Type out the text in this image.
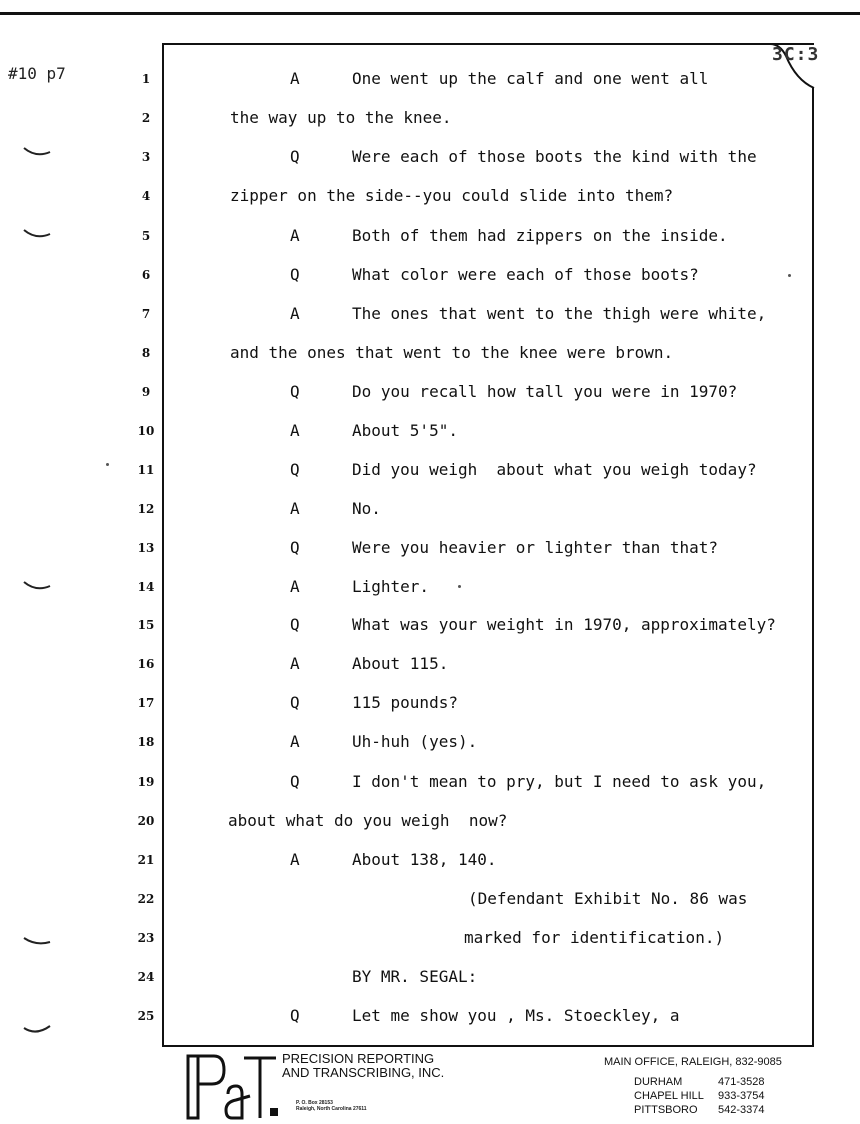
#10 p7
3C:3
1	A	One went up the calf and one went all
2	the way up to the knee.
3	Q	Were each of those boots the kind with the
4	zipper on the side--you could slide into them?
5	A	Both of them had zippers on the inside.
6	Q	What color were each of those boots?
7	A	The ones that went to the thigh were white,
8	and the ones that went to the knee were brown.
9	Q	Do you recall how tall you were in 1970?
10	A	About 5'5".
11	Q	Did you weigh  about what you weigh today?
12	A	No.
13	Q	Were you heavier or lighter than that?
14	A	Lighter.
15	Q	What was your weight in 1970, approximately?
16	A	About 115.
17	Q	115 pounds?
18	A	Uh-huh (yes).
19	Q	I don't mean to pry, but I need to ask you,
20	about what do you weigh  now?
21	A	About 138, 140.
22	(Defendant Exhibit No. 86 was
23	marked for identification.)
24	BY MR. SEGAL:
25	Q	Let me show you , Ms. Stoeckley, a
PRECISION REPORTING
AND TRANSCRIBING, INC.
P. O. Box 28153
Raleigh, North Carolina 27611
MAIN OFFICE, RALEIGH, 832-9085
DURHAM	471-3528
CHAPEL HILL 933-3754
PITTSBORO 542-3374
